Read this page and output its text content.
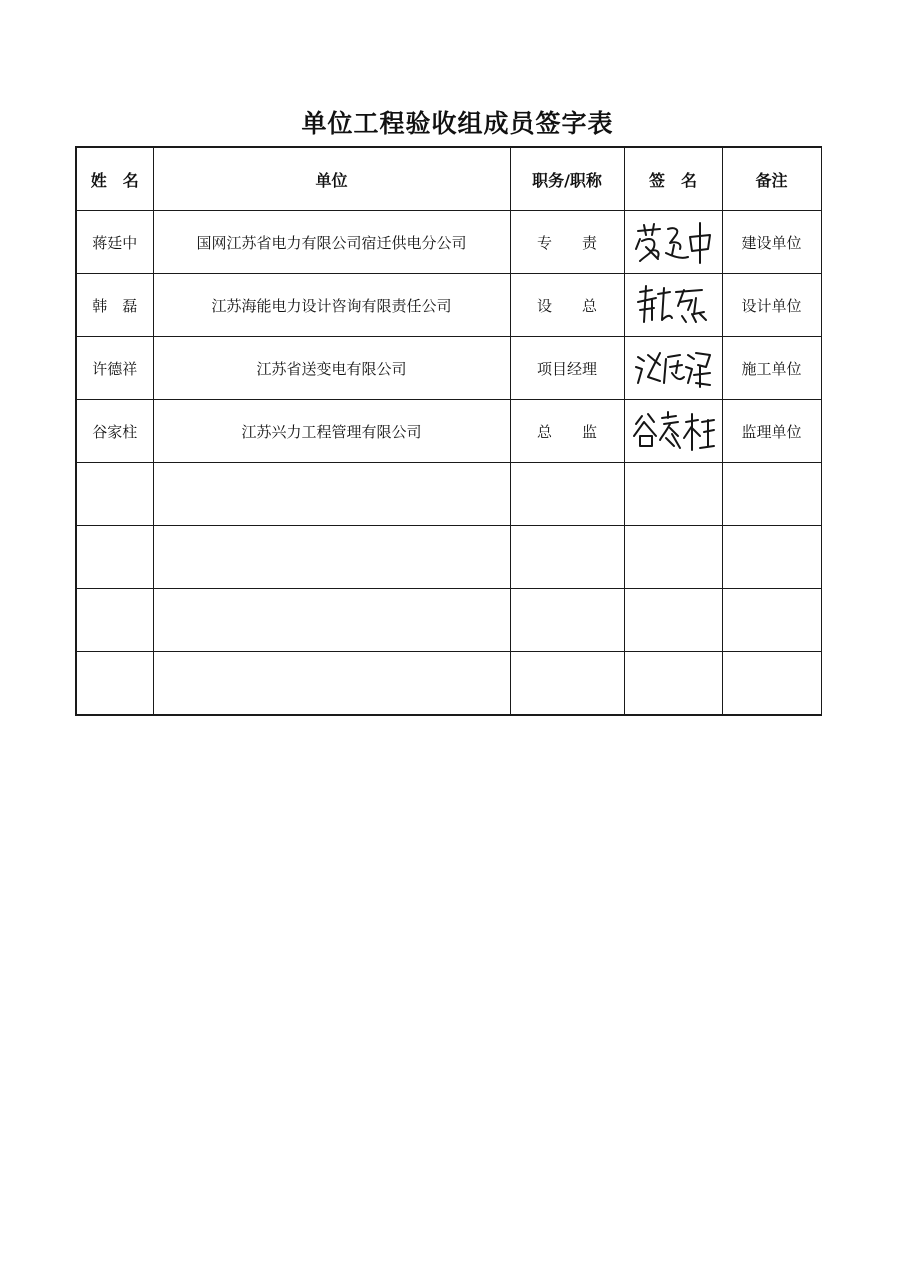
单位工程验收组成员签字表
姓　名	单位	职务/职称	签　名	备注
蒋廷中	国网江苏省电力有限公司宿迁供电分公司	专　　责		建设单位
韩　磊	江苏海能电力设计咨询有限责任公司	设　　总		设计单位
许德祥	江苏省送变电有限公司	项目经理		施工单位
谷家柱	江苏兴力工程管理有限公司	总　　监		监理单位
